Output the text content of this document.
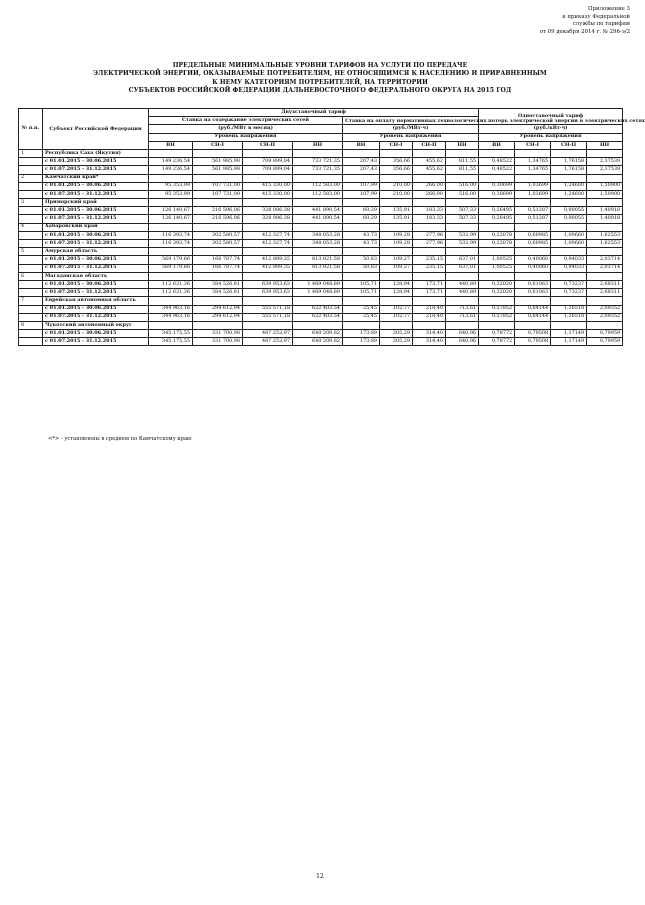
Приложение 3
к приказу Федеральной
службы по тарифам
от 09 декабря 2014 г. № 296-э/2
ПРЕДЕЛЬНЫЕ МИНИМАЛЬНЫЕ УРОВНИ ТАРИФОВ НА УСЛУГИ ПО ПЕРЕДАЧЕ
ЭЛЕКТРИЧЕСКОЙ ЭНЕРГИИ, ОКАЗЫВАЕМЫЕ ПОТРЕБИТЕЛЯМ, НЕ ОТНОСЯЩИМСЯ К НАСЕЛЕНИЮ И ПРИРАВНЕННЫМ
К НЕМУ КАТЕГОРИЯМ ПОТРЕБИТЕЛЕЙ, НА ТЕРРИТОРИИ
СУБЪЕКТОВ РОССИЙСКОЙ ФЕДЕРАЦИИ ДАЛЬНЕВОСТОЧНОГО ФЕДЕРАЛЬНОГО ОКРУГА НА 2015 ГОД
№ п.п.	Субъект Российской Федерации	Двухставочный тариф								Одноставочный тариф			
		Ставка на содержание электрических сетей				Ставка на оплату нормативных технологических потерь электрической энергии в электрических сетях							
		(руб./МВт в месяц)				(руб./МВт·ч)				(руб./кВт·ч)			
		Уровень напряжения				Уровень напряжения				Уровень напряжения			
		ВН	СН-I	СН-II	НН	ВН	СН-I	СН-II	НН	ВН	СН-I	СН-II	НН
1	Республика Саха (Якутия)												
	с 01.01.2015 - 30.06.2015	149 236,54	561 985,98	709 899,04	733 721,35	207,43	356,66	455,62	811,55	0,48522	1,34765	1,76158	2,37539
	с 01.07.2015 - 31.12.2015	149 236,54	561 985,98	709 899,04	733 721,35	207,43	356,66	455,62	811,55	0,48522	1,34765	1,76158	2,37539
2	Камчатский край*												
	с 01.01.2015 - 30.06.2015	95 353,99	107 731,00	415 330,00	112 583,00	107,99	210,00	266,00	516,00	0,30699	1,03699	1,24600	1,50900
	с 01.07.2015 - 31.12.2015	95 353,99	107 731,00	415 330,00	112 583,00	107,99	210,00	266,00	516,00	0,30699	1,03699	1,24600	1,50900
3	Приморский край												
	с 01.01.2015 - 30.06.2015	126 140,67	216 596,06	328 086,38	441 890,54	60,29	135,91	183,33	507,33	0,26495	0,51287	0,90055	1,40918
	с 01.07.2015 - 31.12.2015	126 140,67	216 596,06	328 086,38	441 890,54	60,29	135,91	183,33	507,33	0,26495	0,51287	0,90055	1,40918
4	Хабаровский край												
	с 01.01.2015 - 30.06.2015	116 392,74	302 580,57	412 327,74	348 053,28	43,73	109,28	277,96	532,99	0,22078	0,60985	1,00660	1,62553
	с 01.07.2015 - 31.12.2015	116 392,74	302 580,57	412 327,74	348 053,28	43,73	109,28	277,96	532,99	0,22078	0,60985	1,00660	1,62553
5	Амурская область												
	с 01.01.2015 - 30.06.2015	569 179,66	166 787,74	412 889,35	813 921,58	50,83	109,27	235,15	637,01	1,00525	0,40060	0,94033	2,03714
	с 01.07.2015 - 31.12.2015	569 179,66	166 787,74	412 889,35	813 921,58	50,83	109,27	235,15	637,01	1,00525	0,40060	0,94033	2,03714
6	Магаданская область												
	с 01.01.2015 - 30.06.2015	112 631,36	384 526,81	639 953,63	1 489 048,89	105,71	128,94	173,71	440,89	0,32020	0,61063	0,73237	2,68311
	с 01.07.2015 - 31.12.2015	112 631,36	384 526,81	639 953,63	1 489 048,89	105,71	128,94	173,71	440,89	0,32020	0,61063	0,73237	2,68311
7	Еврейская автономная область												
	с 01.01.2015 - 30.06.2015	344 963,16	294 612,94	555 571,18	622 403,54	25,45	102,77	218,40	713,61	0,57852	0,64144	1,26518	2,09352
	с 01.07.2015 - 31.12.2015	344 963,16	294 612,94	555 571,18	622 403,54	25,45	102,77	218,40	713,61	0,57852	0,64144	1,26518	2,09352
8	Чукотский автономный округ												
	с 01.01.2015 - 30.06.2015	345 175,55	331 700,98	487 252,97	640 209,82	173,89	205,29	314,40	640,96	0,78772	0,79508	1,17149	0,79959
	с 01.07.2015 - 31.12.2015	345 175,55	331 700,98	487 252,97	640 209,82	173,89	205,29	314,40	640,96	0,78772	0,79508	1,17149	0,79959
<*> - установлены в среднем по Камчатскому краю
12
